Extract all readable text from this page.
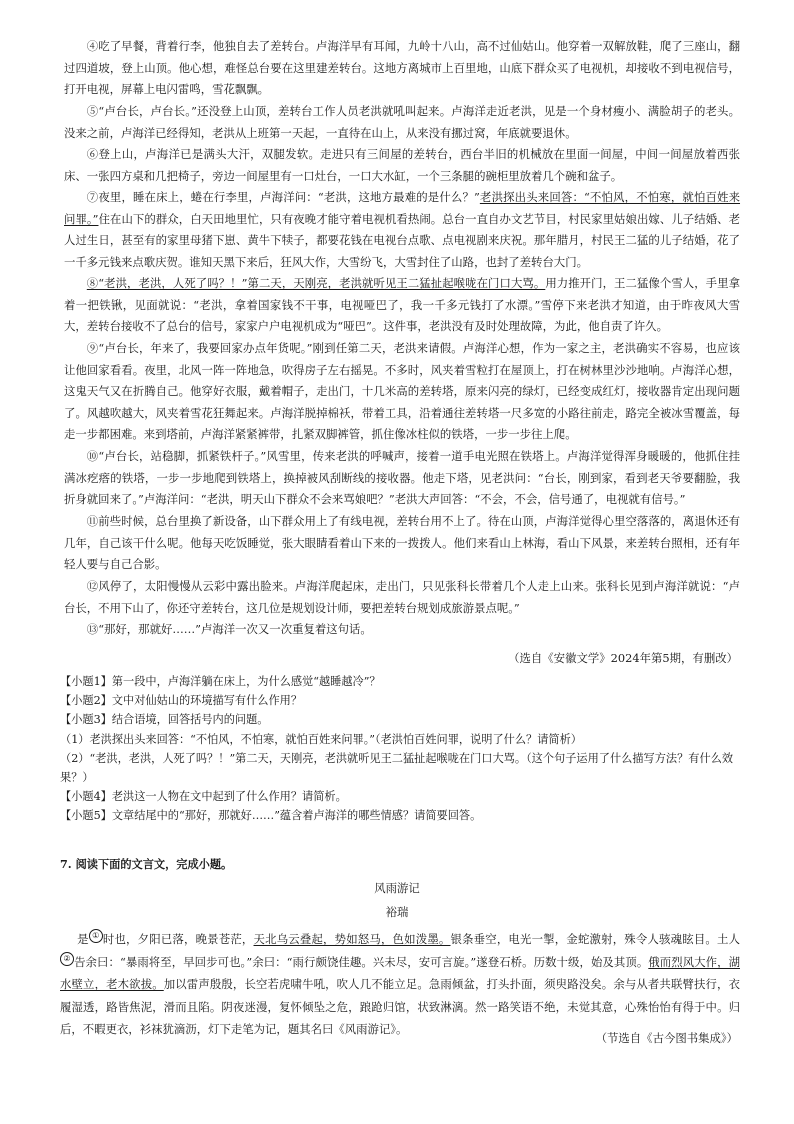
④吃了早餐，背着行李，他独自去了差转台。卢海洋早有耳闻，九岭十八山，高不过仙姑山。他穿着一双解放鞋，爬了三座山，翻过四道坡，登上山顶。他心想，难怪总台要在这里建差转台。这地方离城市上百里地，山底下群众买了电视机，却接收不到电视信号，打开电视，屏幕上电闪雷鸣，雪花飘飘。

⑤“卢台长，卢台长。”还没登上山顶，差转台工作人员老洪就吼叫起来。卢海洋走近老洪，见是一个身材瘦小、满脸胡子的老头。没来之前，卢海洋已经得知，老洪从上班第一天起，一直待在山上，从来没有挪过窝，年底就要退休。

⑥登上山，卢海洋已是满头大汗，双腿发软。走进只有三间屋的差转台，西台半旧的机械放在里面一间屋，中间一间屋放着西张床、一张四方桌和几把椅子，旁边一间屋里有一口灶台，一口大水缸，一个三条腿的碗柜里放着几个碗和盆子。

⑦夜里，睡在床上，蜷在行李里，卢海洋问：“老洪，这地方最难的是什么？”老洪探出头来回答：“不怕风，不怕寒，就怕百姓来问罪。”住在山下的群众，白天田地里忙，只有夜晚才能守着电视机看热闹。总台一直自办文艺节目，村民家里姑娘出嫁、儿子结婚、老人过生日，甚至有的家里母猪下崽、黄牛下犊子，都要花钱在电视台点歌、点电视剧来庆祝。那年腊月，村民王二猛的儿子结婚，花了一千多元钱来点歌庆贺。谁知天黑下来后，狂风大作，大雪纷飞，大雪封住了山路，也封了差转台大门。

⑧“老洪，老洪，人死了吗？！”第二天，天刚亮，老洪就听见王二猛扯起喉咙在门口大骂。用力推开门，王二猛像个雪人，手里拿着一把铁锹，见面就说：“老洪，拿着国家钱不干事，电视哑巴了，我一千多元钱打了水漂。”雪停下来老洪才知道，由于昨夜风大雪大，差转台接收不了总台的信号，家家户户电视机成为“哑巴”。这件事，老洪没有及时处理故障，为此，他自责了许久。

⑨“卢台长，年来了，我要回家办点年货呢。”刚到任第二天，老洪来请假。卢海洋心想，作为一家之主，老洪确实不容易，也应该让他回家看看。夜里，北风一阵一阵地急，吹得房子左右摇晃。不多时，风夹着雪粒打在屋顶上，打在树林里沙沙地响。卢海洋心想，这鬼天气又在折腾自己。他穿好衣服，戴着帽子，走出门，十几米高的差转塔，原来闪亮的绿灯，已经变成红灯，接收器肯定出现问题了。风越吹越大，风夹着雪花狂舞起来。卢海洋脱掉棉袄，带着工具，沿着通往差转塔一尺多宽的小路往前走，路完全被冰雪覆盖，每走一步都困难。来到塔前，卢海洋紧紧裤带，扎紧双脚裤管，抓住像冰柱似的铁塔，一步一步往上爬。

⑩“卢台长，站稳脚，抓紧铁杆子。”风雪里，传来老洪的呼喊声，接着一道手电光照在铁塔上。卢海洋觉得浑身暖暖的，他抓住挂满冰疙瘩的铁塔，一步一步地爬到铁塔上，换掉被风刮断线的接收器。他走下塔，见老洪问：“台长，刚到家，看到老天爷要翻脸，我折身就回来了。”卢海洋问：“老洪，明天山下群众不会来骂娘吧？”老洪大声回答：“不会，不会，信号通了，电视就有信号。”

⑪前些时候，总台里换了新设备，山下群众用上了有线电视，差转台用不上了。待在山顶，卢海洋觉得心里空落落的，离退休还有几年，自己该干什么呢。他每天吃饭睡觉，张大眼睛看着山下来的一拨拨人。他们来看山上林海，看山下风景，来差转台照相，还有年轻人要与自己合影。

⑫风停了，太阳慢慢从云彩中露出脸来。卢海洋爬起床，走出门，只见张科长带着几个人走上山来。张科长见到卢海洋就说：“卢台长，不用下山了，你还守差转台，这几位是规划设计师，要把差转台规划成旅游景点呢。”

⑬“那好，那就好……”卢海洋一次又一次重复着这句话。

（选自《安徽文学》2024年第5期，有删改）

【小题1】第一段中，卢海洋躺在床上，为什么感觉“越睡越冷”？

【小题2】文中对仙姑山的环境描写有什么作用？

【小题3】结合语境，回答括号内的问题。

（1）老洪探出头来回答：“不怕风，不怕寒，就怕百姓来问罪。”（老洪怕百姓问罪，说明了什么？请简析）

（2）“老洪，老洪，人死了吗？！”第二天，天刚亮，老洪就听见王二猛扯起喉咙在门口大骂。（这个句子运用了什么描写方法？有什么效果？）

【小题4】老洪这一人物在文中起到了什么作用？请简析。

【小题5】文章结尾中的“那好，那就好……”蕴含着卢海洋的哪些情感？请简要回答。

7. 阅读下面的文言文，完成小题。

风雨游记

裕瑞

是 ① 时也，夕阳已落，晚景苍茫，天北乌云叠起，势如怒马，色如泼墨。银条垂空，电光一掣，金蛇激射，殊令人骇魂眩目。土人② 告余曰：“暴雨将至，早回步可也。”余曰：“雨行颇饶佳趣。兴未尽，安可言旋。”遂登石桥。历数十级，始及其顶。俄而烈风大作，湖水壁立，老木欲拔。加以雷声殷殷，长空若虎啸牛吼，吹人几不能立足。急雨倾盆，打头扑面，须臾路没矣。余与从者共联臂扶行，衣履湿透，路皆焦泥，滑而且陷。阴夜迷漫，复怀倾坠之危，踉跄归馆，状致淋漓。然一路笑语不绝，未觉其意，心殊怡怡有得于中。归后，不暇更衣，衫袜犹滴沥，灯下走笔为记，题其名曰《风雨游记》。

（节选自《古今图书集成》）
